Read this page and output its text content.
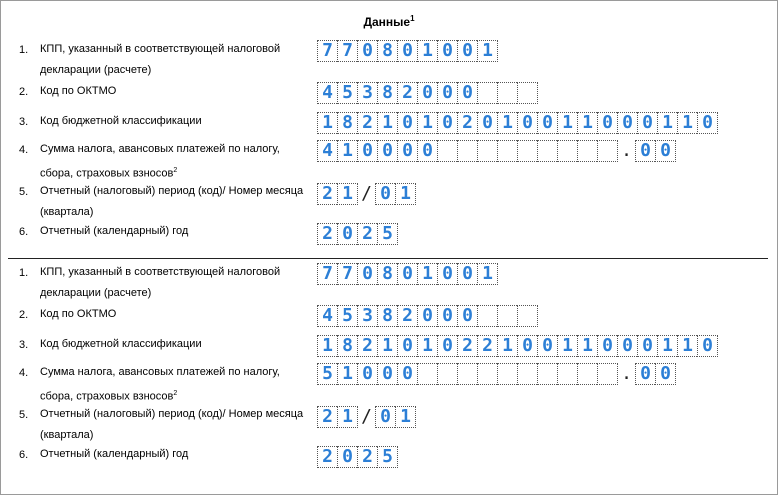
Данные$^1$
1.	КПП, указанный в соответствующей налоговой декларации (расчете)
7 7 0 8 0 1 0 0 1
2.	Код по ОКТМО	4 5 3 8 2 0 0 0
3.	Код бюджетной классификации	1 8 2 1 0 1 0 2 0 1 0 0 1 1 0 0 0 1 1 0
4.	Сумма налога, авансовых платежей по налогу, сбора, страховых взносов$^2$
4 1 0 0 0 0	. 0 0
5.	Отчетный (налоговый) период (код)/ Номер месяца (квартала)
2 1 / 0 1
6.	Отчетный (календарный) год	2 0 2 5
1.	КПП, указанный в соответствующей налоговой декларации (расчете)
7 7 0 8 0 1 0 0 1
2.	Код по ОКТМО	4 5 3 8 2 0 0 0
3.	Код бюджетной классификации	1 8 2 1 0 1 0 2 2 1 0 0 1 1 0 0 0 1 1 0
4.	Сумма налога, авансовых платежей по налогу, сбора, страховых взносов$^2$
5 1 0 0 0	. 0 0
5.	Отчетный (налоговый) период (код)/ Номер месяца (квартала)
2 1 / 0 1
6.	Отчетный (календарный) год	2 0 2 5
